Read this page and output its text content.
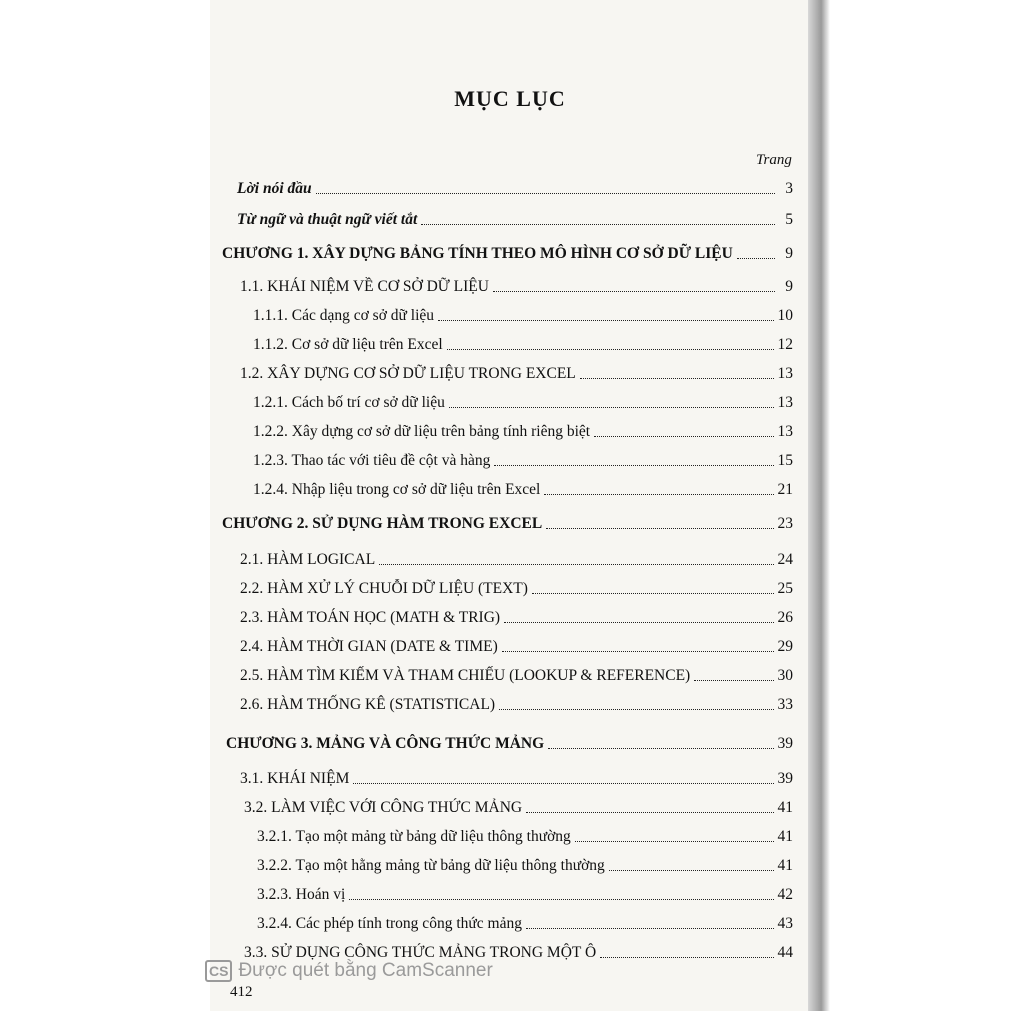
MỤC LỤC
Trang
Lời nói đầu	3
Từ ngữ và thuật ngữ viết tắt	5
CHƯƠNG 1. XÂY DỰNG BẢNG TÍNH THEO MÔ HÌNH CƠ SỞ DỮ LIỆU	9
1.1. KHÁI NIỆM VỀ CƠ SỞ DỮ LIỆU	9
1.1.1. Các dạng cơ sở dữ liệu	10
1.1.2. Cơ sở dữ liệu trên Excel	12
1.2. XÂY DỰNG CƠ SỞ DỮ LIỆU TRONG EXCEL	13
1.2.1. Cách bố trí cơ sở dữ liệu	13
1.2.2. Xây dựng cơ sở dữ liệu trên bảng tính riêng biệt	13
1.2.3. Thao tác với tiêu đề cột và hàng	15
1.2.4. Nhập liệu trong cơ sở dữ liệu trên Excel	21
CHƯƠNG 2. SỬ DỤNG HÀM TRONG EXCEL	23
2.1. HÀM LOGICAL	24
2.2. HÀM XỬ LÝ CHUỖI DỮ LIỆU (TEXT)	25
2.3. HÀM TOÁN HỌC (MATH & TRIG)	26
2.4. HÀM THỜI GIAN (DATE & TIME)	29
2.5. HÀM TÌM KIẾM VÀ THAM CHIẾU (LOOKUP & REFERENCE)	30
2.6. HÀM THỐNG KÊ (STATISTICAL)	33
CHƯƠNG 3. MẢNG VÀ CÔNG THỨC MẢNG	39
3.1. KHÁI NIỆM	39
3.2. LÀM VIỆC VỚI CÔNG THỨC MẢNG	41
3.2.1. Tạo một mảng từ bảng dữ liệu thông thường	41
3.2.2. Tạo một hằng mảng từ bảng dữ liệu thông thường	41
3.2.3. Hoán vị	42
3.2.4. Các phép tính trong công thức mảng	43
3.3. SỬ DỤNG CÔNG THỨC MẢNG TRONG MỘT Ô	44
CS Được quét bằng CamScanner
412
